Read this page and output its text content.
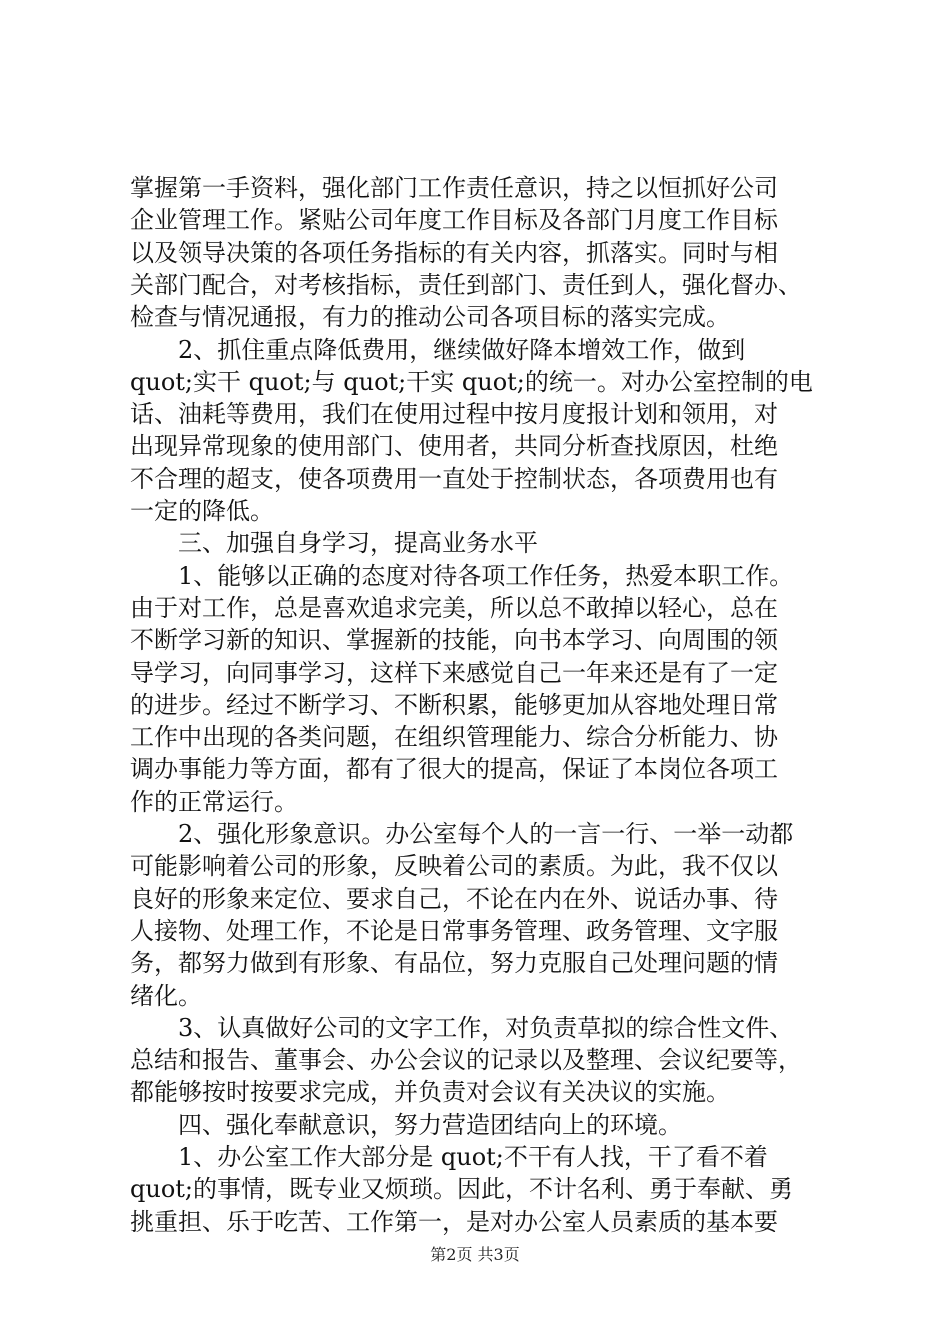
掌握第一手资料，强化部门工作责任意识，持之以恒抓好公司
企业管理工作。紧贴公司年度工作目标及各部门月度工作目标
以及领导决策的各项任务指标的有关内容，抓落实。同时与相
关部门配合，对考核指标，责任到部门、责任到人，强化督办、
检查与情况通报，有力的推动公司各项目标的落实完成。
2、抓住重点降低费用，继续做好降本增效工作，做到
quot;实干 quot;与 quot;干实 quot;的统一。对办公室控制的电
话、油耗等费用，我们在使用过程中按月度报计划和领用，对
出现异常现象的使用部门、使用者，共同分析查找原因，杜绝
不合理的超支，使各项费用一直处于控制状态，各项费用也有
一定的降低。
三、加强自身学习，提高业务水平
1、能够以正确的态度对待各项工作任务，热爱本职工作。
由于对工作，总是喜欢追求完美，所以总不敢掉以轻心，总在
不断学习新的知识、掌握新的技能，向书本学习、向周围的领
导学习，向同事学习，这样下来感觉自己一年来还是有了一定
的进步。经过不断学习、不断积累，能够更加从容地处理日常
工作中出现的各类问题，在组织管理能力、综合分析能力、协
调办事能力等方面，都有了很大的提高，保证了本岗位各项工
作的正常运行。
2、强化形象意识。办公室每个人的一言一行、一举一动都
可能影响着公司的形象，反映着公司的素质。为此，我不仅以
良好的形象来定位、要求自己，不论在内在外、说话办事、待
人接物、处理工作，不论是日常事务管理、政务管理、文字服
务，都努力做到有形象、有品位，努力克服自己处理问题的情
绪化。
3、认真做好公司的文字工作，对负责草拟的综合性文件、
总结和报告、董事会、办公会议的记录以及整理、会议纪要等，
都能够按时按要求完成，并负责对会议有关决议的实施。
四、强化奉献意识，努力营造团结向上的环境。
1、办公室工作大部分是 quot;不干有人找，干了看不着
quot;的事情，既专业又烦琐。因此，不计名利、勇于奉献、勇
挑重担、乐于吃苦、工作第一，是对办公室人员素质的基本要
第2页 共3页
